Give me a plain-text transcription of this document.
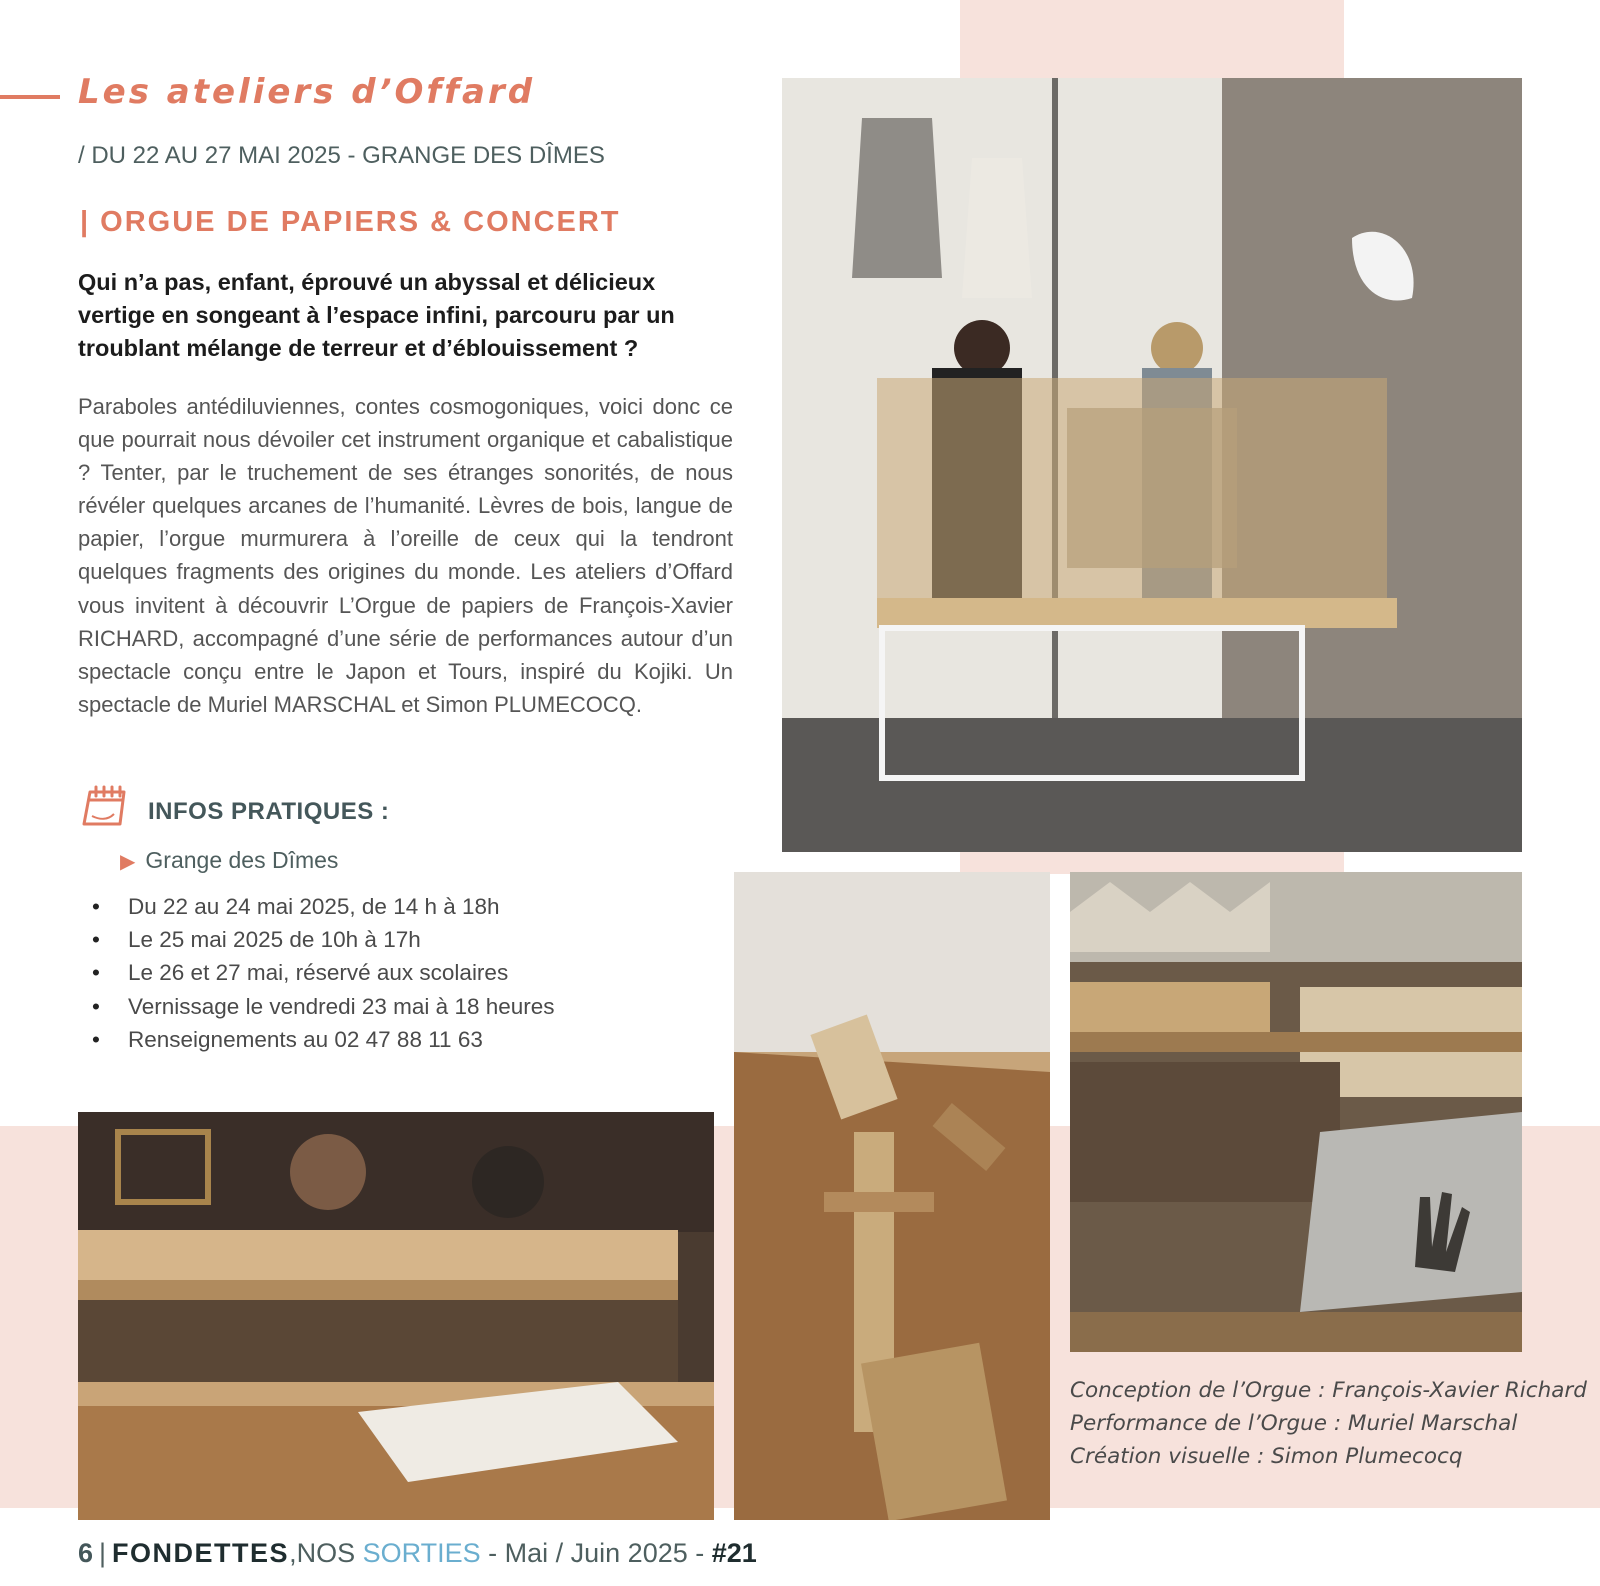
Les ateliers d’Offard

/ DU 22 AU 27 MAI 2025 - GRANGE DES DÎMES

| ORGUE DE PAPIERS & CONCERT

Qui n’a pas, enfant, éprouvé un abyssal et délicieux vertige en songeant à l’espace infini, parcouru par un troublant mélange de terreur et d’éblouissement ?

Paraboles antédiluviennes, contes cosmogoniques, voici donc ce que pourrait nous dévoiler cet instrument organique et cabalistique ? Tenter, par le truchement de ses étranges sonorités, de nous révéler quelques arcanes de l’humanité. Lèvres de bois, langue de papier, l’orgue murmurera à l’oreille de ceux qui la tendront quelques fragments des origines du monde. Les ateliers d’Offard vous invitent à découvrir L’Orgue de papiers de François-Xavier RICHARD, accompagné d’une série de performances autour d’un spectacle conçu entre le Japon et Tours, inspiré du Kojiki. Un spectacle de Muriel MARSCHAL et Simon PLUMECOCQ.

INFOS PRATIQUES :
▶ Grange des Dîmes
• Du 22 au 24 mai 2025, de 14 h à 18h
• Le 25 mai 2025 de 10h à 17h
• Le 26 et 27 mai, réservé aux scolaires
• Vernissage le vendredi 23 mai à 18 heures
• Renseignements au 02 47 88 11 63
Conception de l’Orgue : François-Xavier Richard
Performance de l’Orgue : Muriel Marschal
Création visuelle : Simon Plumecocq

6 | FONDETTES,NOS SORTIES - Mai / Juin 2025 - #21
